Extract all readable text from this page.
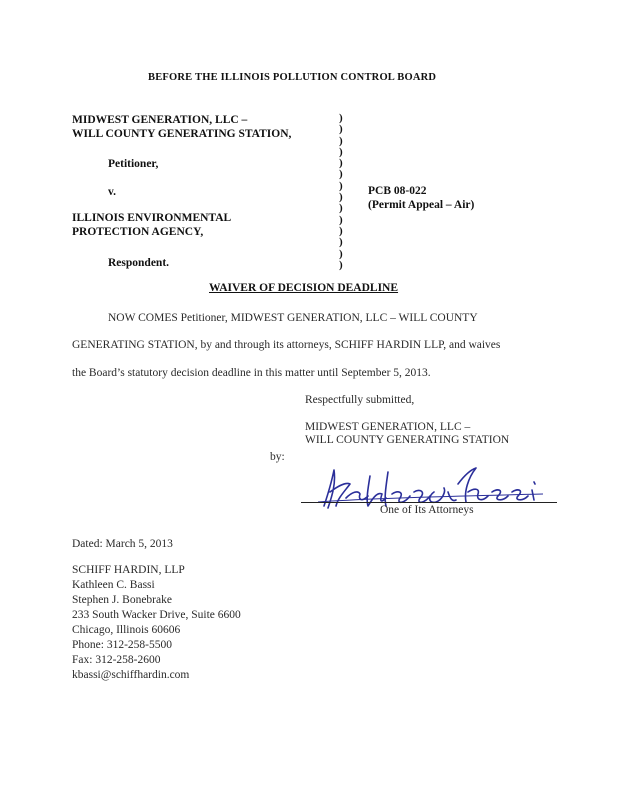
BEFORE THE ILLINOIS POLLUTION CONTROL BOARD
MIDWEST GENERATION, LLC –
WILL COUNTY GENERATING STATION,
Petitioner,
v.
ILLINOIS ENVIRONMENTAL
PROTECTION AGENCY,
Respondent.
)
)
)
)
)
)
)
)
)
)
)
)
)
)
PCB 08-022
(Permit Appeal – Air)
WAIVER OF DECISION DEADLINE
NOW COMES Petitioner, MIDWEST GENERATION, LLC – WILL COUNTY
GENERATING STATION, by and through its attorneys, SCHIFF HARDIN LLP, and waives
the Board’s statutory decision deadline in this matter until September 5, 2013.
Respectfully submitted,
MIDWEST GENERATION, LLC –
WILL COUNTY GENERATING STATION
by:
One of Its Attorneys
Dated: March 5, 2013
SCHIFF HARDIN, LLP
Kathleen C. Bassi
Stephen J. Bonebrake
233 South Wacker Drive, Suite 6600
Chicago, Illinois 60606
Phone: 312-258-5500
Fax: 312-258-2600
kbassi@schiffhardin.com
